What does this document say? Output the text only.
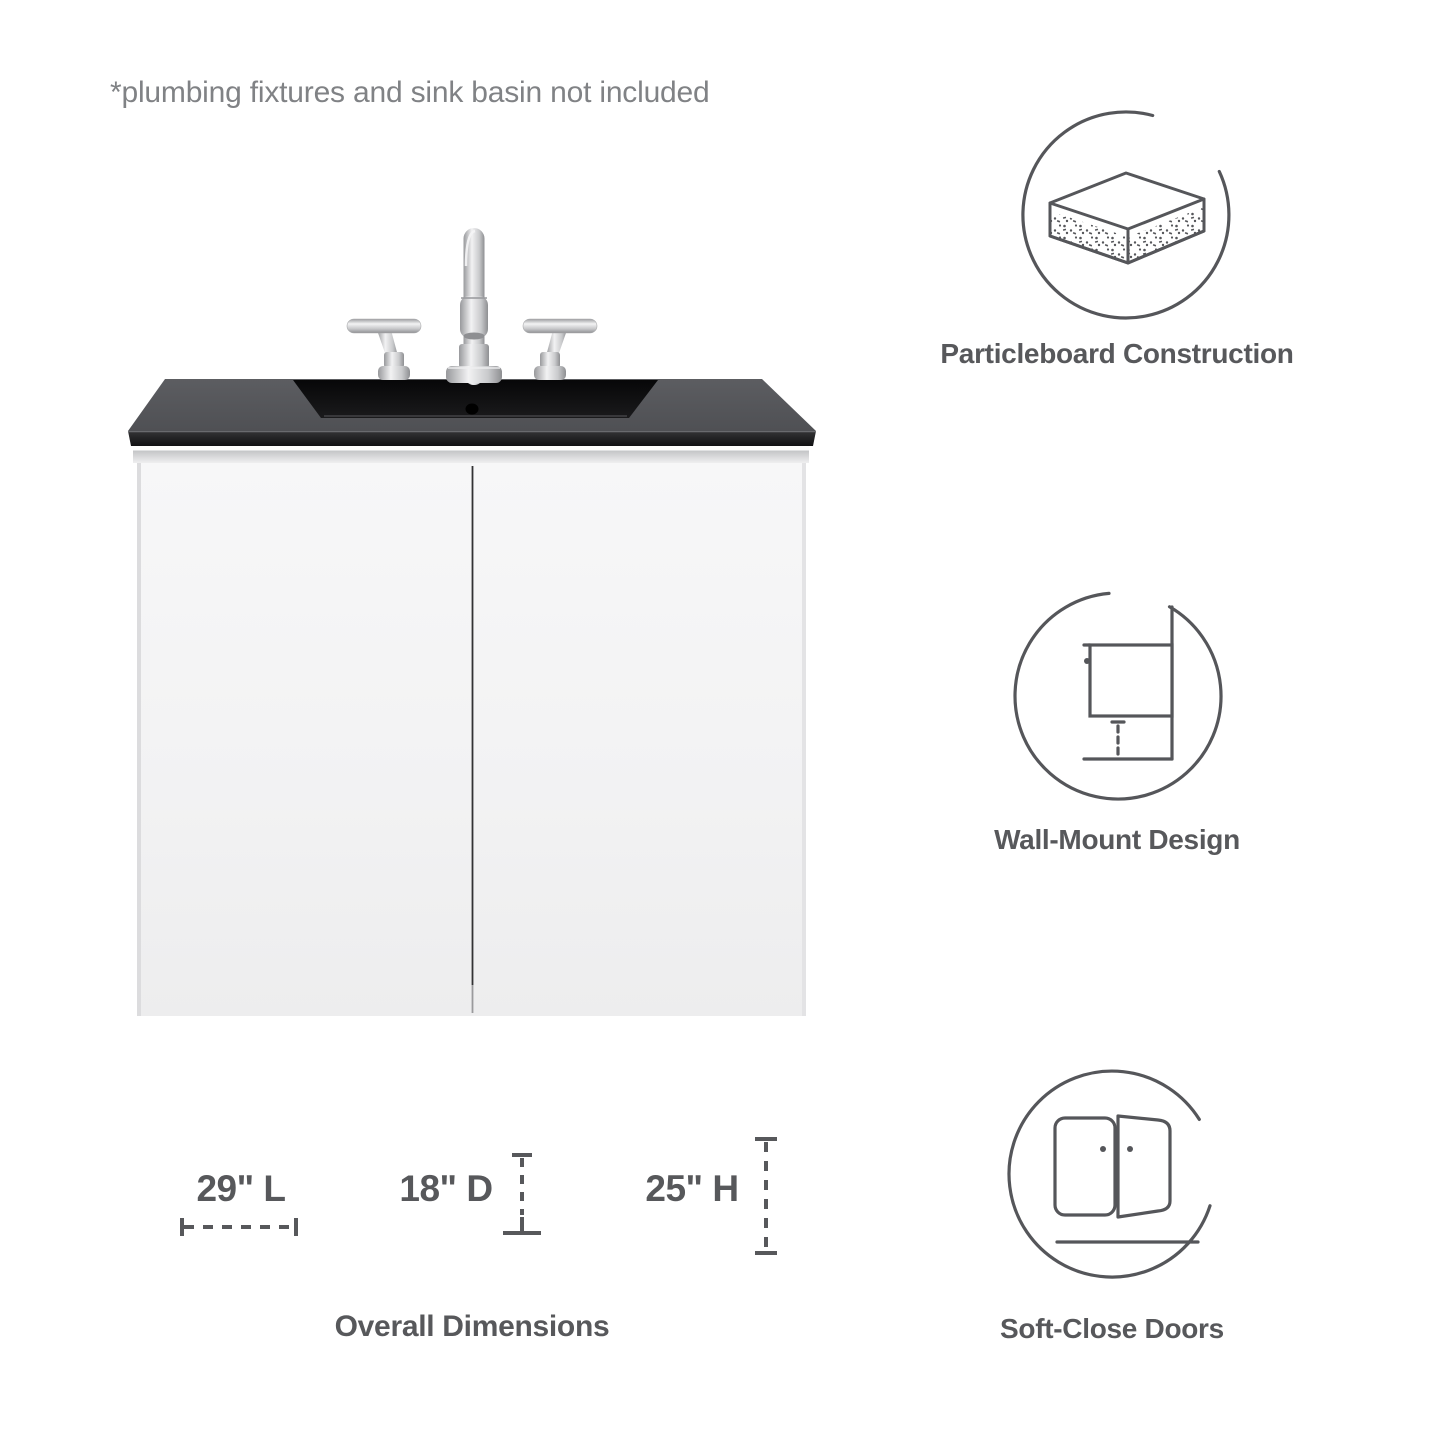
*plumbing fixtures and sink basin not included
Particleboard Construction
Wall-Mount Design
Soft-Close Doors
29" L	18" D	25" H
Overall Dimensions
